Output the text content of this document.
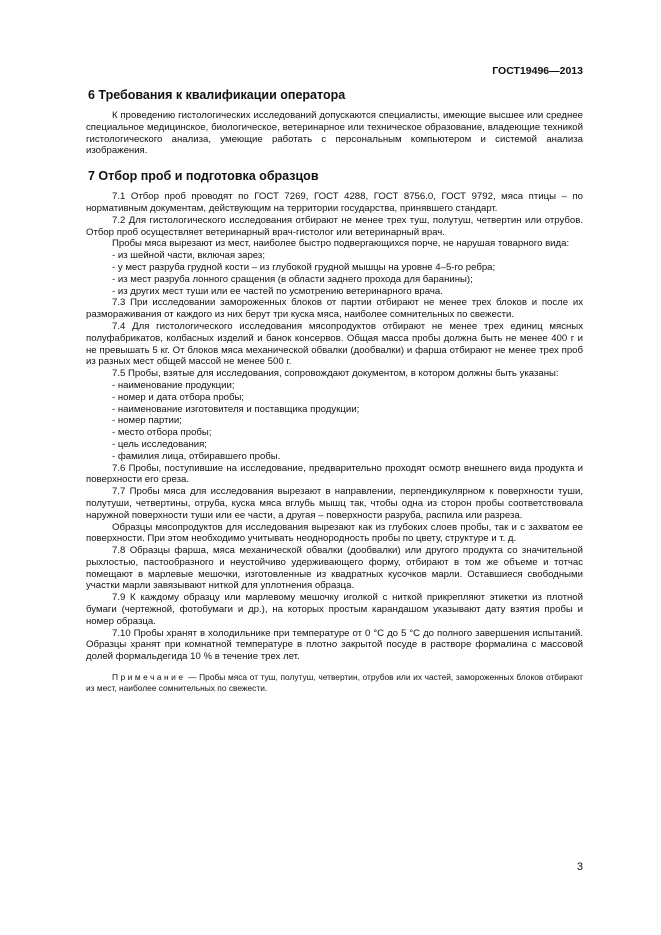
ГОСТ19496—2013
6 Требования к квалификации оператора

К проведению гистологических исследований допускаются специалисты, имеющие высшее или среднее специальное медицинское, биологическое, ветеринарное или техническое образование, владеющие техникой гистологического анализа, умеющие работать с персональным компьютером и системой анализа изображения.

7 Отбор проб и подготовка образцов

7.1 Отбор проб проводят по ГОСТ 7269, ГОСТ 4288, ГОСТ 8756.0, ГОСТ 9792, мяса птицы – по нормативным документам, действующим на территории государства, принявшего стандарт.

7.2 Для гистологического исследования отбирают не менее трех туш, полутуш, четвертин или отрубов. Отбор проб осуществляет ветеринарный врач-гистолог или ветеринарный врач.

Пробы мяса вырезают из мест, наиболее быстро подвергающихся порче, не нарушая товарного вида:

- из шейной части, включая зарез;

- у мест разруба грудной кости – из глубокой грудной мышцы на уровне 4–5-го ребра;

- из мест разруба лонного сращения (в области заднего прохода для баранины);

- из других мест туши или ее частей по усмотрению ветеринарного врача.

7.3 При исследовании замороженных блоков от партии отбирают не менее трех блоков и после их размораживания от каждого из них берут три куска мяса, наиболее сомнительных по свежести.

7.4 Для гистологического исследования мясопродуктов отбирают не менее трех единиц мясных полуфабрикатов, колбасных изделий и банок консервов. Общая масса пробы должна быть не менее 400 г и не превышать 5 кг. От блоков мяса механической обвалки (дообвалки) и фарша отбирают не менее трех проб из разных мест общей массой не менее 500 г.

7.5 Пробы, взятые для исследования, сопровождают документом, в котором должны быть указаны:

- наименование продукции;

- номер и дата отбора пробы;

- наименование изготовителя и поставщика продукции;

- номер партии;

- место отбора пробы;

- цель исследования;

- фамилия лица, отбиравшего пробы.

7.6 Пробы, поступившие на исследование, предварительно проходят осмотр внешнего вида продукта и поверхности его среза.

7.7 Пробы мяса для исследования вырезают в направлении, перпендикулярном к поверхности туши, полутуши, четвертины, отруба, куска мяса вглубь мышц так, чтобы одна из сторон пробы соответствовала наружной поверхности туши или ее части, а другая – поверхности разруба, распила или разреза.

Образцы мясопродуктов для исследования вырезают как из глубоких слоев пробы, так и с захватом ее поверхности. При этом необходимо учитывать неоднородность пробы по цвету, структуре и т. д.

7.8 Образцы фарша, мяса механической обвалки (дообвалки) или другого продукта со значительной рыхлостью, пастообразного и неустойчиво удерживающего форму, отбирают в том же объеме и тотчас помещают в марлевые мешочки, изготовленные из квадратных кусочков марли. Оставшиеся свободными участки марли завязывают ниткой для уплотнения образца.

7.9 К каждому образцу или марлевому мешочку иголкой с ниткой прикрепляют этикетки из плотной бумаги (чертежной, фотобумаги и др.), на которых простым карандашом указывают дату взятия пробы и номер образца.

7.10 Пробы хранят в холодильнике при температуре от 0 °С до 5 °С до полного завершения испытаний. Образцы хранят при комнатной температуре в плотно закрытой посуде в растворе формалина с массовой долей формальдегида 10 % в течение трех лет.

Примечание — Пробы мяса от туш, полутуш, четвертин, отрубов или их частей, замороженных блоков отбирают из мест, наиболее сомнительных по свежести.
3
